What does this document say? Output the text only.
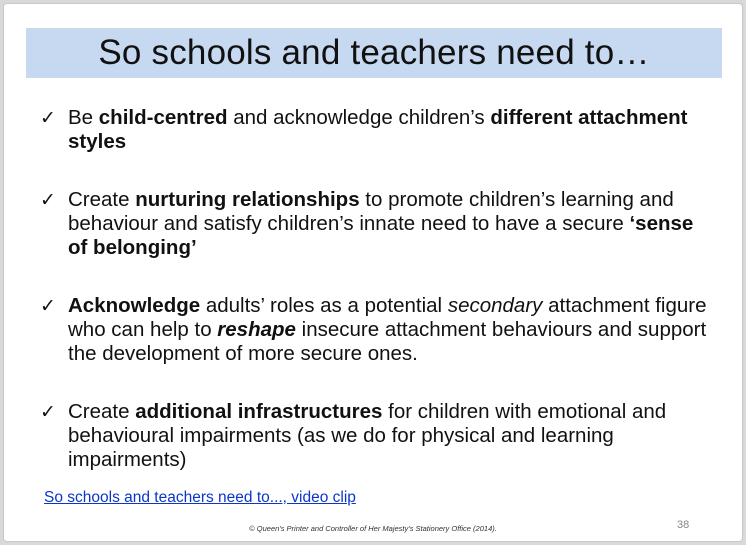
So schools and teachers need to…
✓ Be child-centred and acknowledge children’s different attachment styles
✓ Create nurturing relationships to promote children’s learning and behaviour and satisfy children’s innate need to have a secure ‘sense of belonging’
✓ Acknowledge adults’ roles as a potential secondary attachment figure who can help to reshape insecure attachment behaviours and support the development of more secure ones.
✓ Create additional infrastructures for children with emotional and behavioural impairments (as we do for physical and learning impairments)
So schools and teachers need to..., video clip
© Queen's Printer and Controller of Her Majesty's Stationery Office (2014).	38
